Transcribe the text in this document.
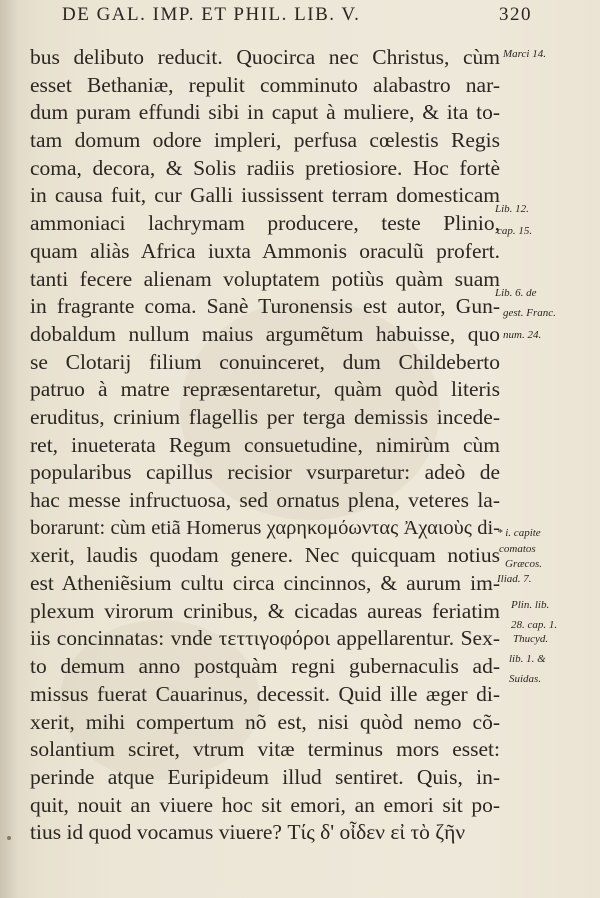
DE GAL. IMP. ET PHIL. LIB. V.	320
bus delibuto reducit. Quocirca nec Christus, cùm
esset Bethaniæ, repulit comminuto alabastro nar-
dum puram effundi sibi in caput à muliere, & ita to-
tam domum odore impleri, perfusa cœlestis Regis
coma, decora, & Solis radiis pretiosiore. Hoc fortè
in causa fuit, cur Galli iussissent terram domesticam
ammoniaci lachrymam producere, teste Plinio,
quam aliàs Africa iuxta Ammonis oraculũ profert.
tanti fecere alienam voluptatem potiùs quàm suam
in fragrante coma. Sanè Turonensis est autor, Gun-
dobaldum nullum maius argumẽtum habuisse, quo
se Clotarij filium conuinceret, dum Childeberto
patruo à matre repræsentaretur, quàm quòd literis
eruditus, crinium flagellis per terga demissis incede-
ret, inueterata Regum consuetudine, nimirùm cùm
popularibus capillus recisior vsurparetur: adeò de
hac messe infructuosa, sed ornatus plena, veteres la-
borarunt: cùm etiã Homerus χαρηκομόωντας Ἀχαιοὺς di-
xerit, laudis quodam genere. Nec quicquam notius
est Atheniẽsium cultu circa cincinnos, & aurum im-
plexum virorum crinibus, & cicadas aureas feriatim
iis concinnatas: vnde τεττιγοφόροι appellarentur. Sex-
to demum anno postquàm regni gubernaculis ad-
missus fuerat Cauarinus, decessit. Quid ille æger di-
xerit, mihi compertum nõ est, nisi quòd nemo cõ-
solantium sciret, vtrum vitæ terminus mors esset:
perinde atque Euripideum illud sentiret. Quis, in-
quit, nouit an viuere hoc sit emori, an emori sit po-
tius id quod vocamus viuere? Τίς δ' οἶδεν εἰ τὸ ζῆν
Marci 14.
Lib. 12.
cap. 15.
Lib. 6. de
gest. Franc.
num. 24.
* i. capite
comatos
Græcos.
Iliad. 7.
Plin. lib.
28. cap. 1.
Thucyd.
lib. 1. &
Suidas.
